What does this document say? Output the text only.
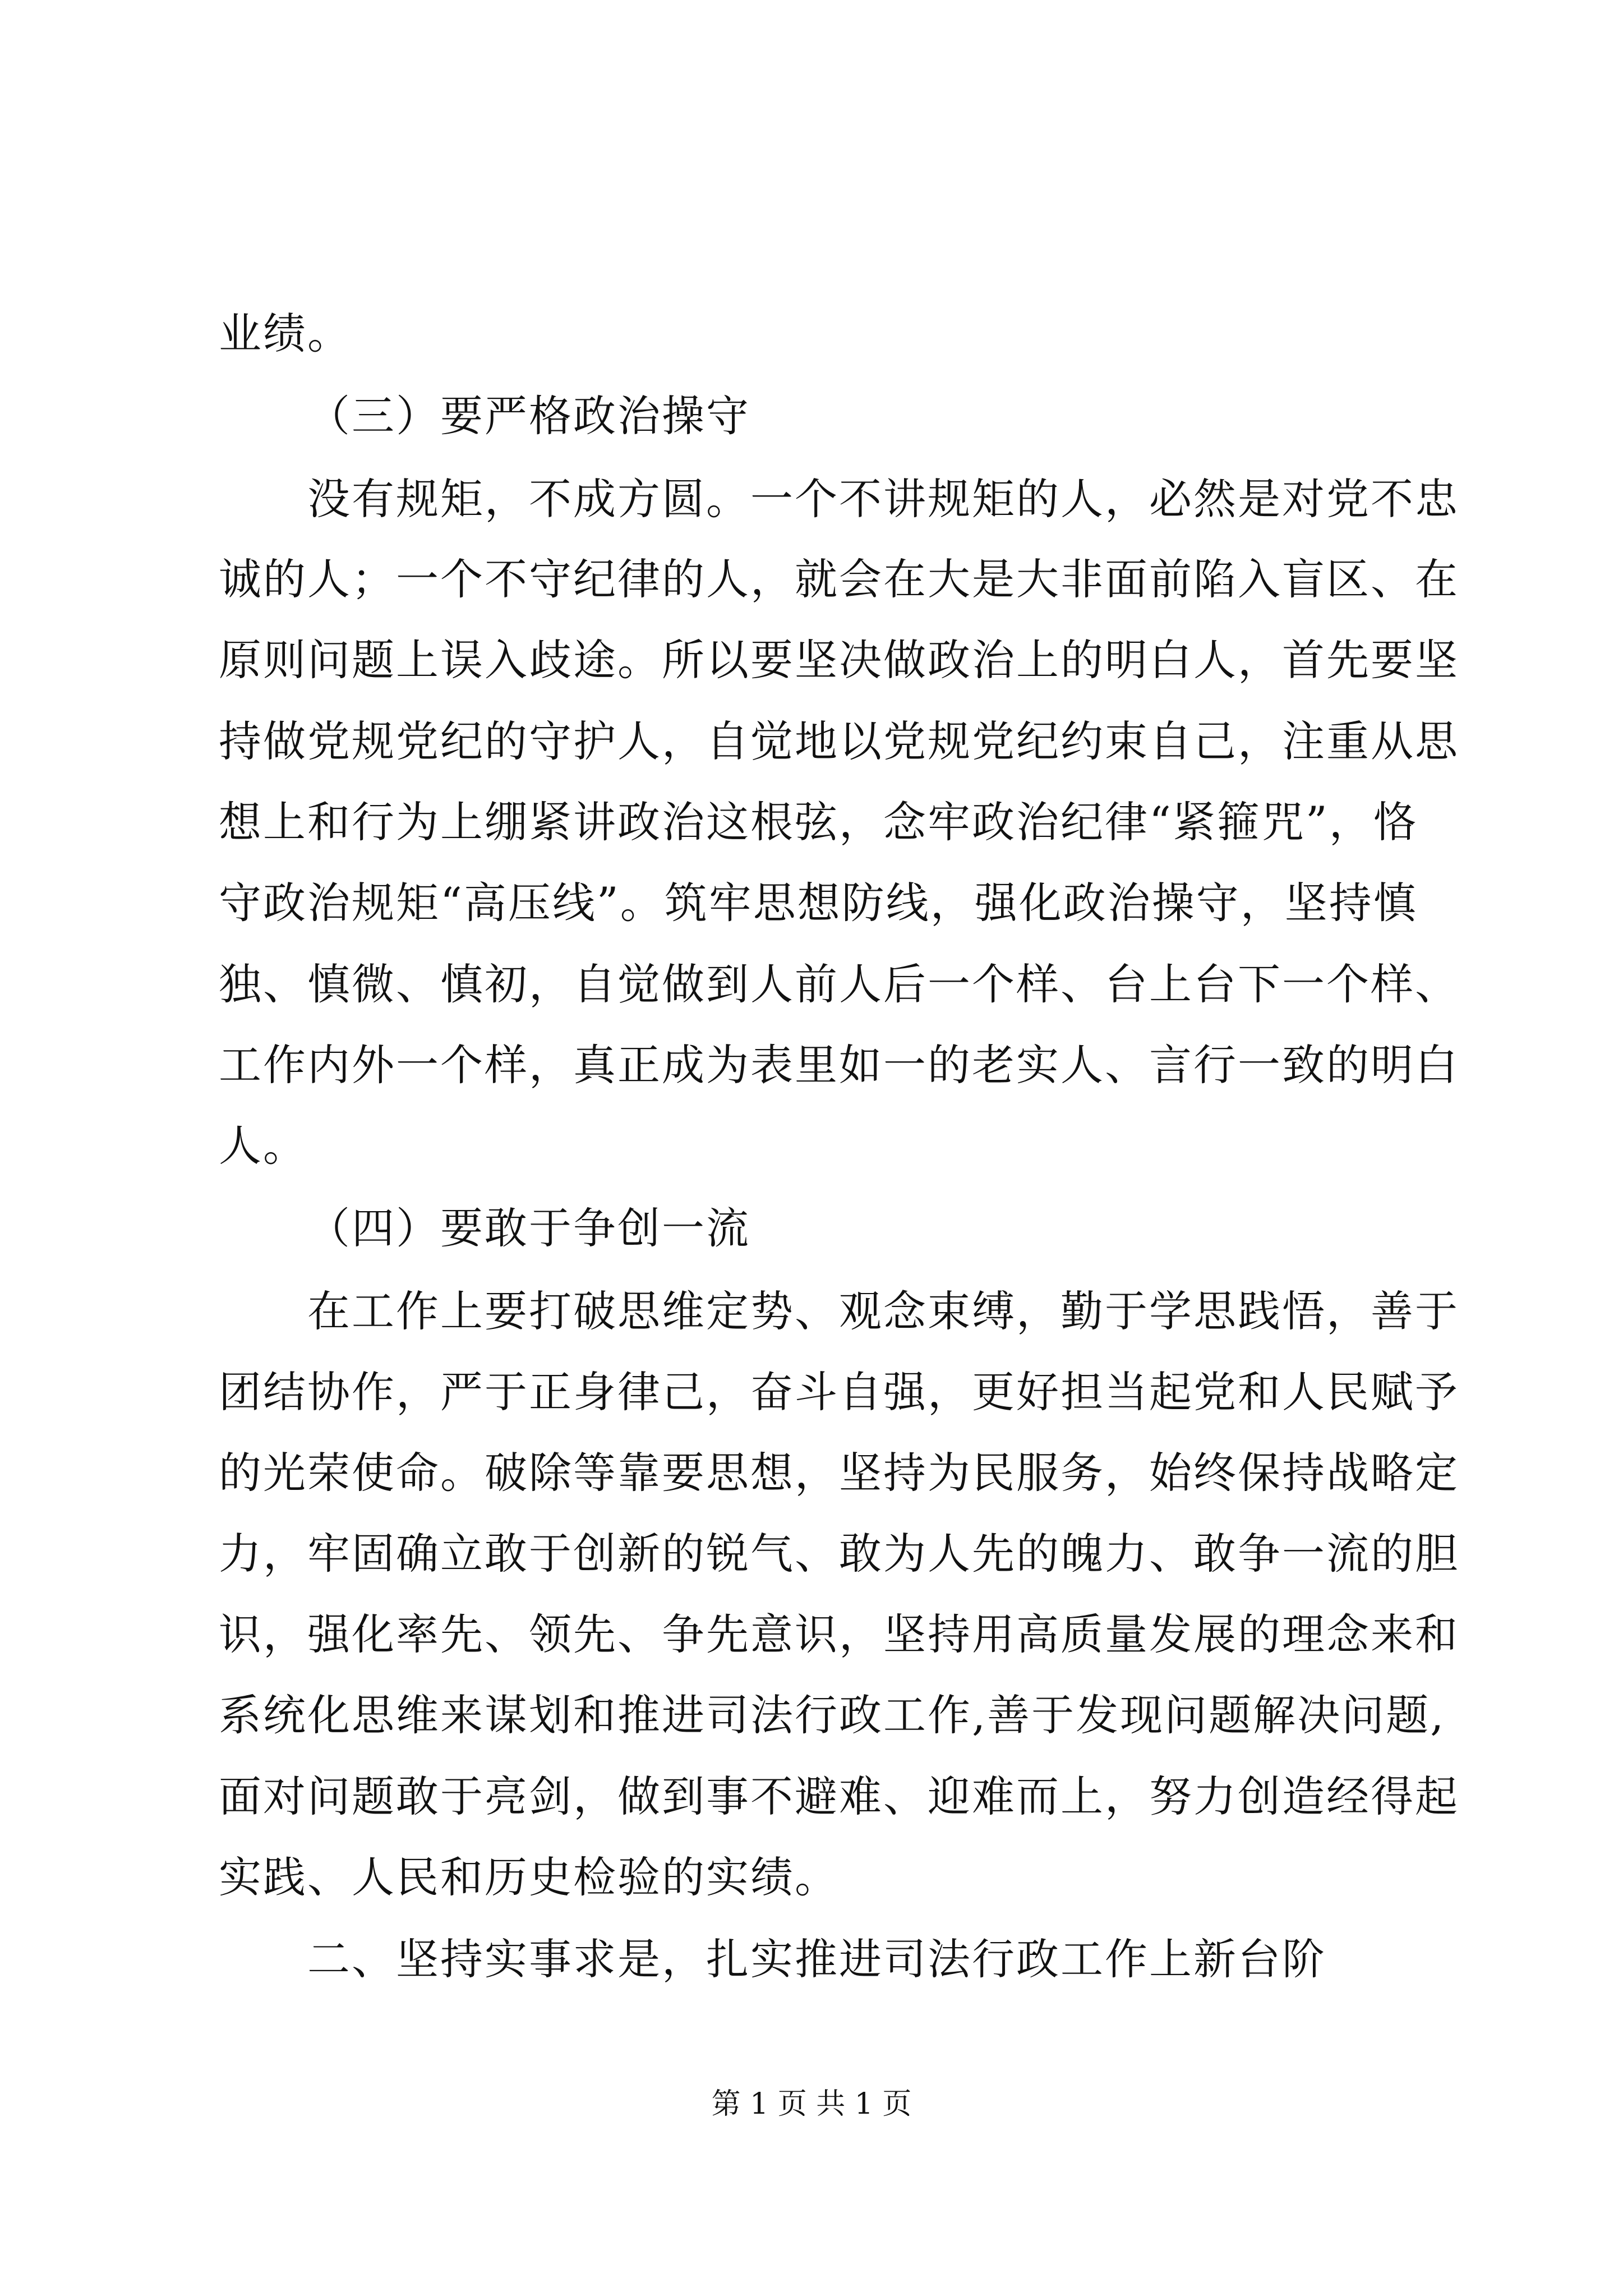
业绩。
（三）要严格政治操守
没有规矩，不成方圆。一个不讲规矩的人，必然是对党不忠
诚的人；一个不守纪律的人，就会在大是大非面前陷入盲区、在
原则问题上误入歧途。所以要坚决做政治上的明白人，首先要坚
持做党规党纪的守护人，自觉地以党规党纪约束自己，注重从思
想上和行为上绷紧讲政治这根弦，念牢政治纪律“紧箍咒”，恪
守政治规矩“高压线”。筑牢思想防线，强化政治操守，坚持慎
独、慎微、慎初，自觉做到人前人后一个样、台上台下一个样、
工作内外一个样，真正成为表里如一的老实人、言行一致的明白
人。
（四）要敢于争创一流
在工作上要打破思维定势、观念束缚，勤于学思践悟，善于
团结协作，严于正身律己，奋斗自强，更好担当起党和人民赋予
的光荣使命。破除等靠要思想，坚持为民服务，始终保持战略定
力，牢固确立敢于创新的锐气、敢为人先的魄力、敢争一流的胆
识，强化率先、领先、争先意识，坚持用高质量发展的理念来和
系统化思维来谋划和推进司法行政工作,善于发现问题解决问题,
面对问题敢于亮剑，做到事不避难、迎难而上，努力创造经得起
实践、人民和历史检验的实绩。
二、坚持实事求是，扎实推进司法行政工作上新台阶
第 1 页 共 1 页
